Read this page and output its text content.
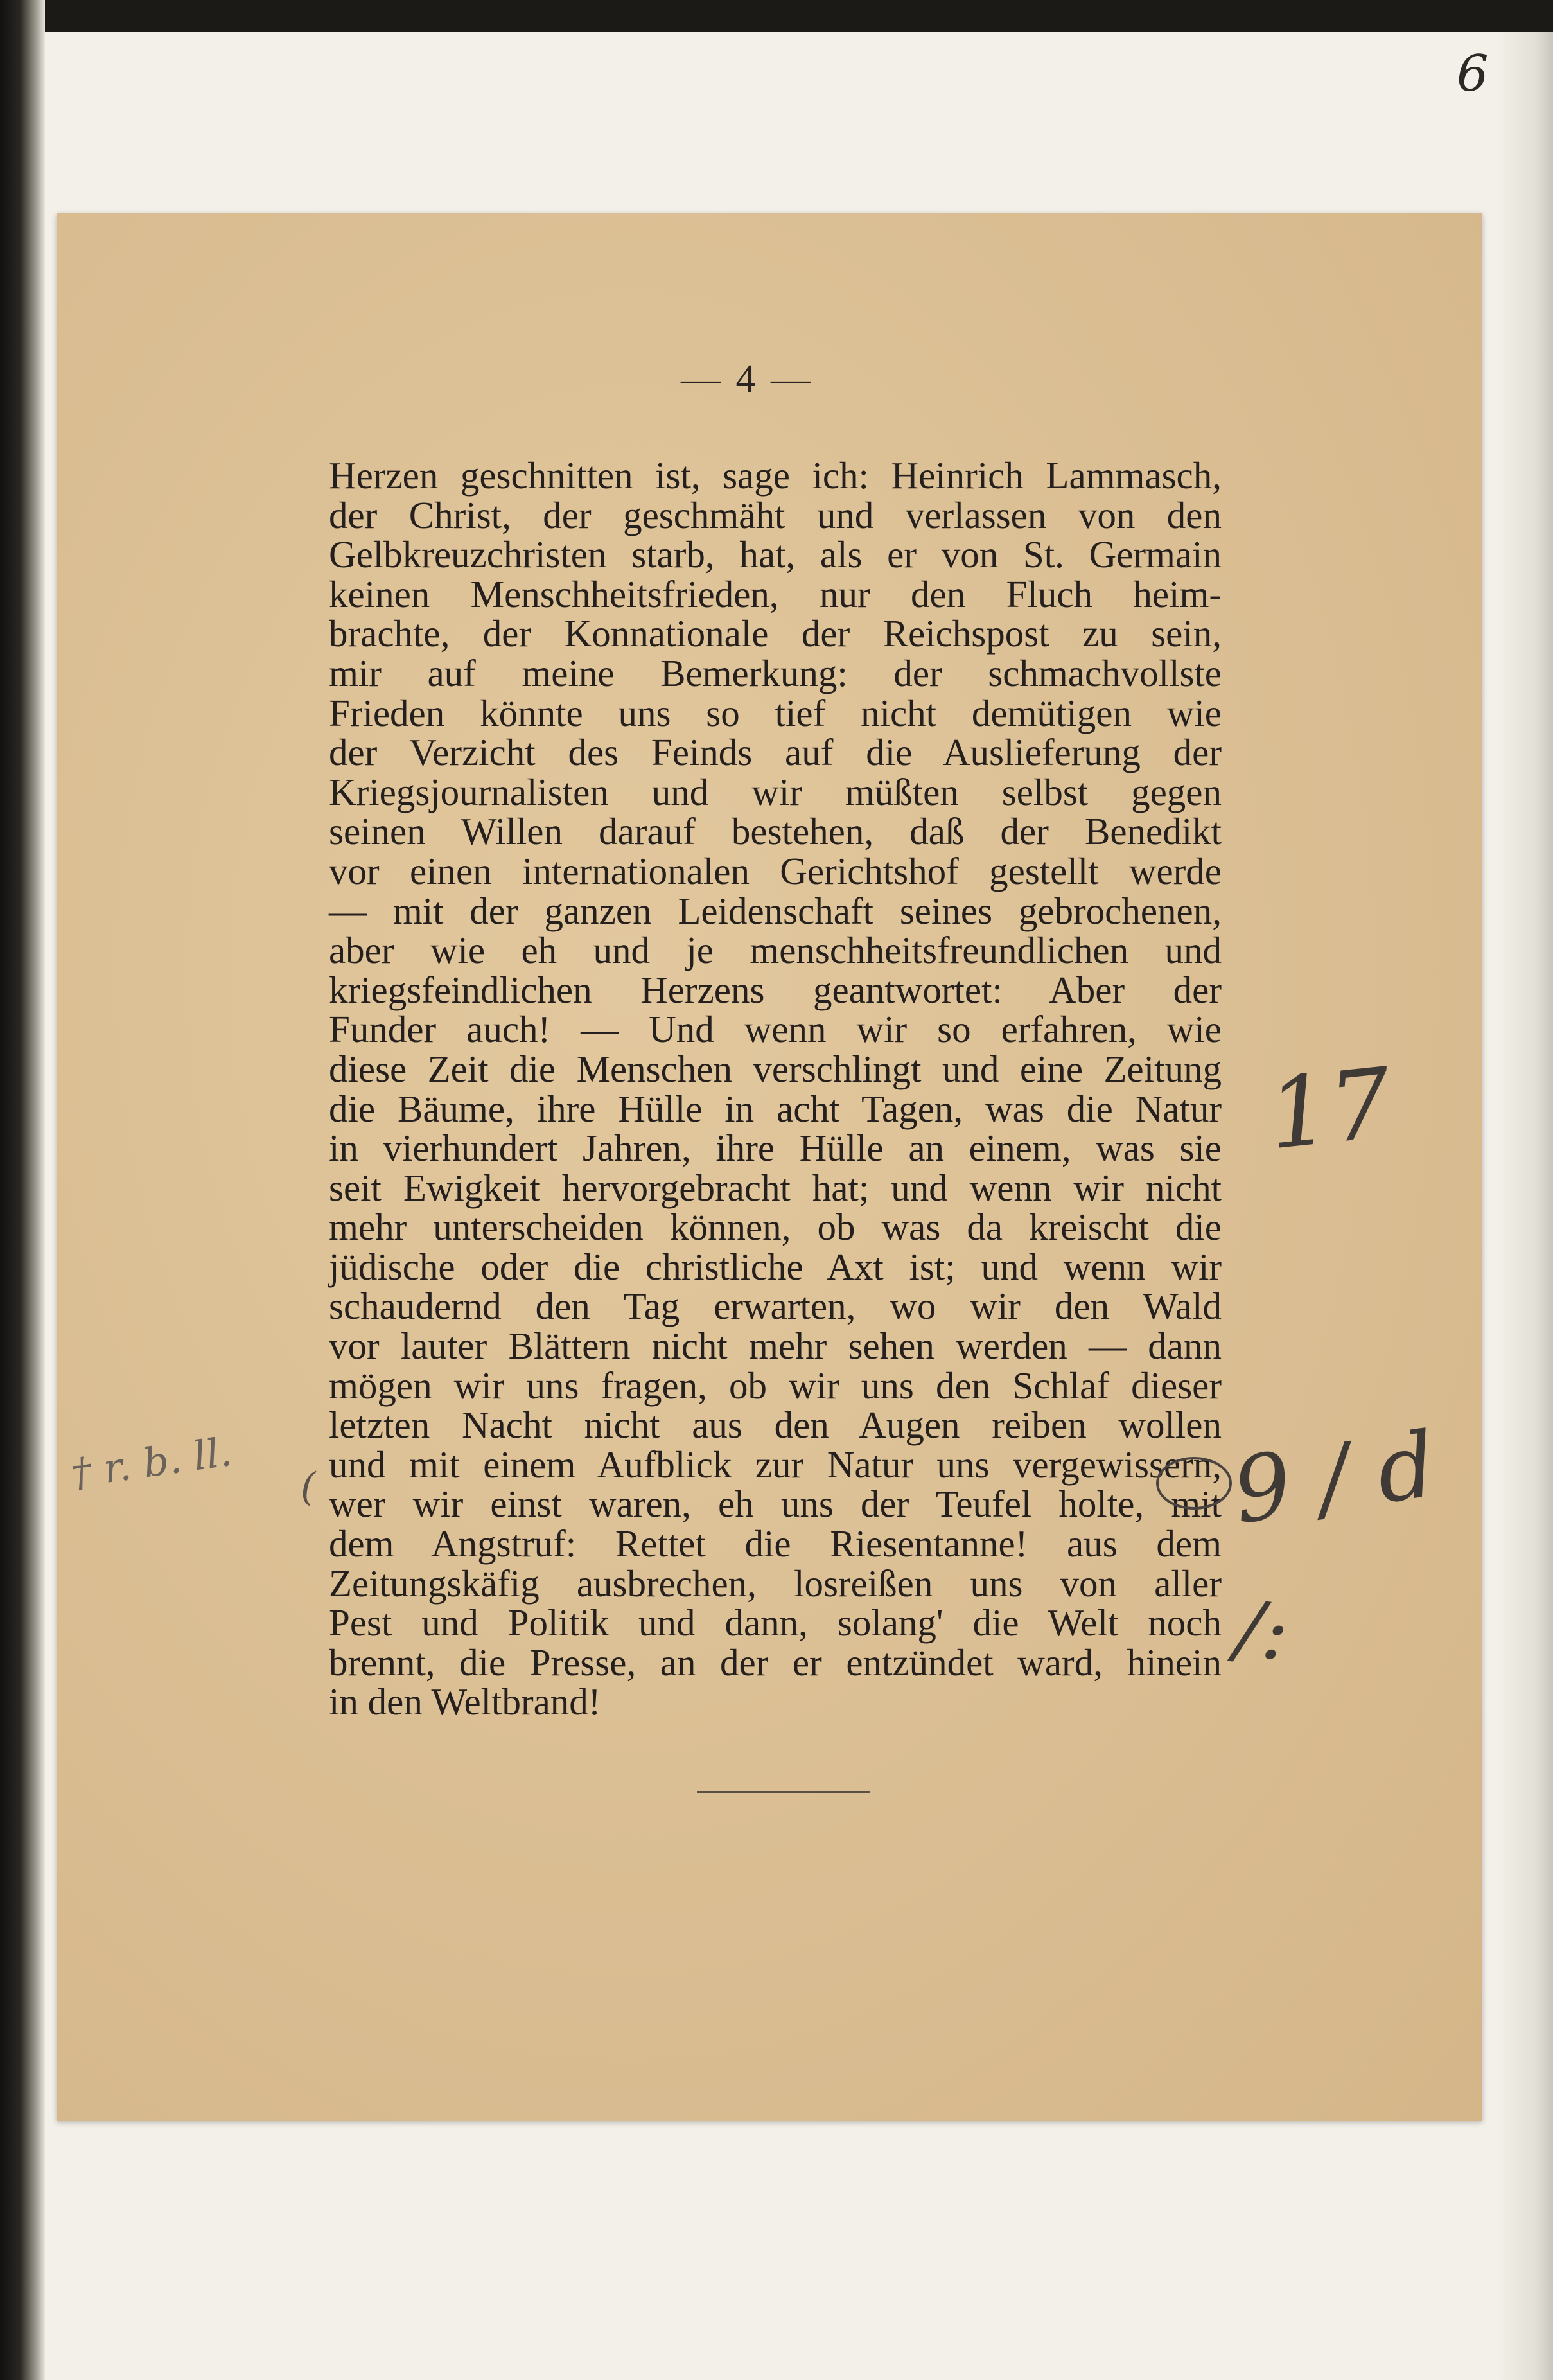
6
— 4 —
Herzen geschnitten ist, sage ich: Heinrich Lammasch,
der Christ, der geschmäht und verlassen von den
Gelbkreuzchristen starb, hat, als er von St. Germain
keinen Menschheitsfrieden, nur den Fluch heim-
brachte, der Konnationale der Reichspost zu sein,
mir auf meine Bemerkung: der schmachvollste
Frieden könnte uns so tief nicht demütigen wie
der Verzicht des Feinds auf die Auslieferung der
Kriegsjournalisten und wir müßten selbst gegen
seinen Willen darauf bestehen, daß der Benedikt
vor einen internationalen Gerichtshof gestellt werde
— mit der ganzen Leidenschaft seines gebrochenen,
aber wie eh und je menschheitsfreundlichen und
kriegsfeindlichen Herzens geantwortet: Aber der
Funder auch! — Und wenn wir so erfahren, wie
diese Zeit die Menschen verschlingt und eine Zeitung
die Bäume, ihre Hülle in acht Tagen, was die Natur
in vierhundert Jahren, ihre Hülle an einem, was sie
seit Ewigkeit hervorgebracht hat; und wenn wir nicht
mehr unterscheiden können, ob was da kreischt die
jüdische oder die christliche Axt ist; und wenn wir
schaudernd den Tag erwarten, wo wir den Wald
vor lauter Blättern nicht mehr sehen werden — dann
mögen wir uns fragen, ob wir uns den Schlaf dieser
letzten Nacht nicht aus den Augen reiben wollen
und mit einem Aufblick zur Natur uns vergewissern,
wer wir einst waren, eh uns der Teufel holte, mit
dem Angstruf: Rettet die Riesentanne! aus dem
Zeitungskäfig ausbrechen, losreißen uns von aller
Pest und Politik und dann, solang' die Welt noch
brennt, die Presse, an der er entzündet ward, hinein
in den Weltbrand!
17
9 / d
† r. b. ll.
/:
(
